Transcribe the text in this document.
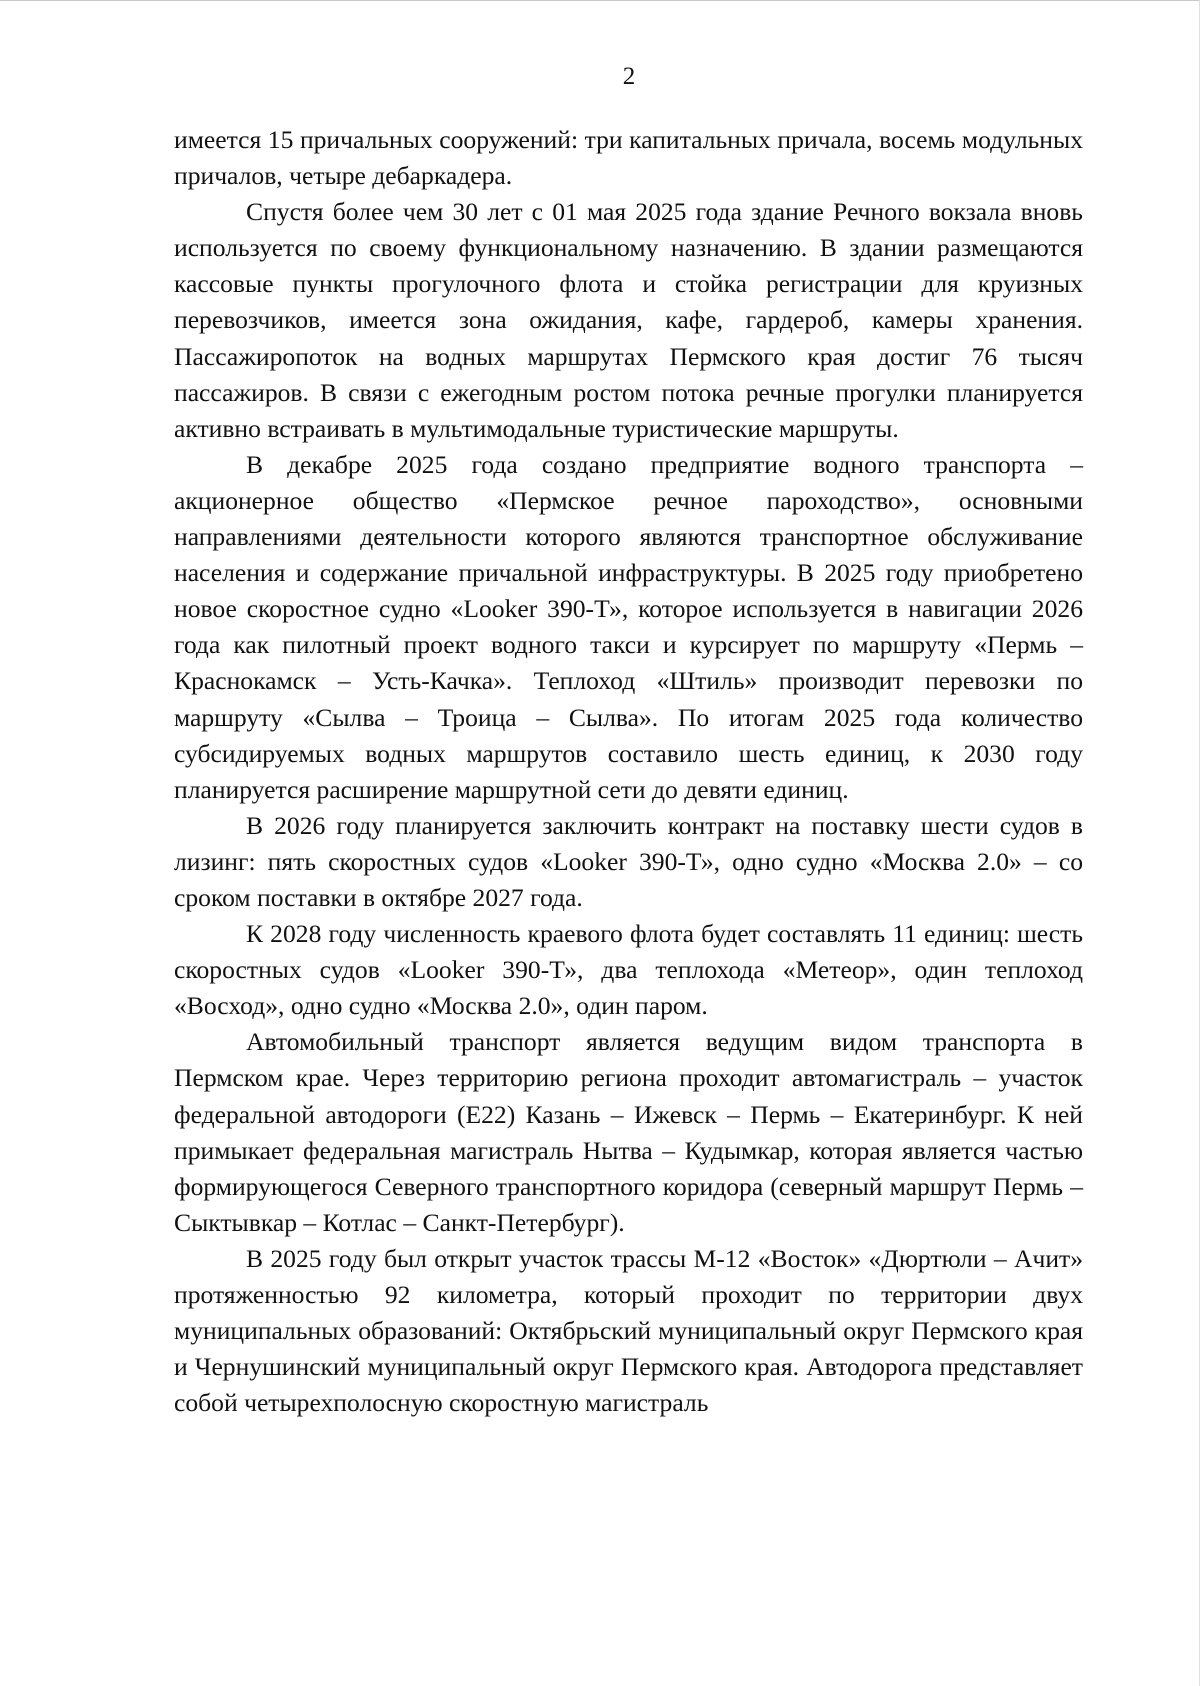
2

имеется 15 причальных сооружений: три капитальных причала, восемь модульных причалов, четыре дебаркадера.

Спустя более чем 30 лет с 01 мая 2025 года здание Речного вокзала вновь используется по своему функциональному назначению. В здании размещаются кассовые пункты прогулочного флота и стойка регистрации для круизных перевозчиков, имеется зона ожидания, кафе, гардероб, камеры хранения. Пассажиропоток на водных маршрутах Пермского края достиг 76 тысяч пассажиров. В связи с ежегодным ростом потока речные прогулки планируется активно встраивать в мультимодальные туристические маршруты.

В декабре 2025 года создано предприятие водного транспорта – акционерное общество «Пермское речное пароходство», основными направлениями деятельности которого являются транспортное обслуживание населения и содержание причальной инфраструктуры. В 2025 году приобретено новое скоростное судно «Looker 390-Т», которое используется в навигации 2026 года как пилотный проект водного такси и курсирует по маршруту «Пермь – Краснокамск – Усть-Качка». Теплоход «Штиль» производит перевозки по маршруту «Сылва – Троица – Сылва». По итогам 2025 года количество субсидируемых водных маршрутов составило шесть единиц, к 2030 году планируется расширение маршрутной сети до девяти единиц.

В 2026 году планируется заключить контракт на поставку шести судов в лизинг: пять скоростных судов «Looker 390-Т», одно судно «Москва 2.0» – со сроком поставки в октябре 2027 года.

К 2028 году численность краевого флота будет составлять 11 единиц: шесть скоростных судов «Looker 390-Т», два теплохода «Метеор», один теплоход «Восход», одно судно «Москва 2.0», один паром.

Автомобильный транспорт является ведущим видом транспорта в Пермском крае. Через территорию региона проходит автомагистраль – участок федеральной автодороги (Е22) Казань – Ижевск – Пермь – Екатеринбург. К ней примыкает федеральная магистраль Нытва – Кудымкар, которая является частью формирующегося Северного транспортного коридора (северный маршрут Пермь – Сыктывкар – Котлас – Санкт-Петербург).

В 2025 году был открыт участок трассы М-12 «Восток» «Дюртюли – Ачит» протяженностью 92 километра, который проходит по территории двух муниципальных образований: Октябрьский муниципальный округ Пермского края и Чернушинский муниципальный округ Пермского края. Автодорога представляет собой четырехполосную скоростную магистраль
